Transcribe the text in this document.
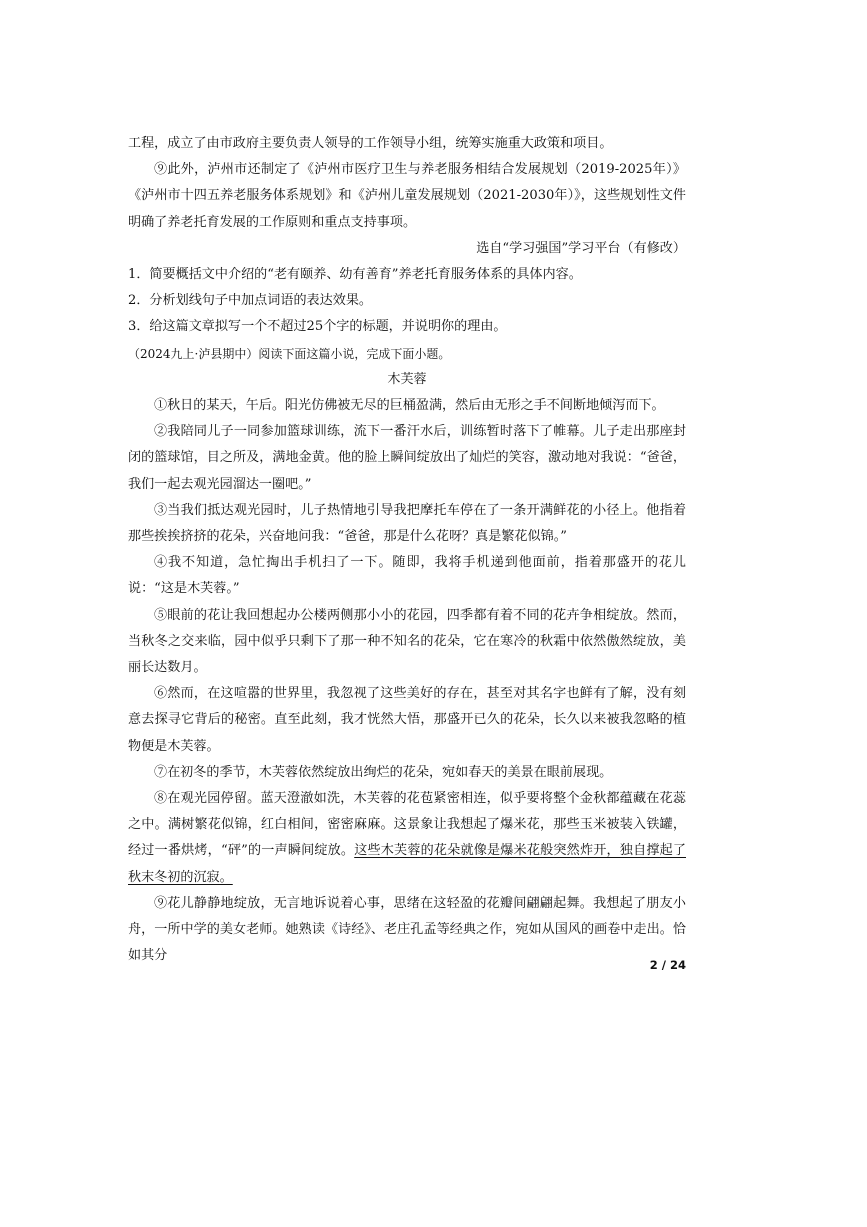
工程，成立了由市政府主要负责人领导的工作领导小组，统筹实施重大政策和项目。

⑨此外，泸州市还制定了《泸州市医疗卫生与养老服务相结合发展规划（2019-2025年）》《泸州市十四五养老服务体系规划》和《泸州儿童发展规划（2021-2030年）》，这些规划性文件明确了养老托育发展的工作原则和重点支持事项。

选自“学习强国”学习平台（有修改）

1．简要概括文中介绍的“老有颐养、幼有善育”养老托育服务体系的具体内容。

2．分析划线句子中加点词语的表达效果。

3．给这篇文章拟写一个不超过25个字的标题，并说明你的理由。

（2024九上·泸县期中）阅读下面这篇小说，完成下面小题。

木芙蓉

①秋日的某天，午后。阳光仿佛被无尽的巨桶盈满，然后由无形之手不间断地倾泻而下。

②我陪同儿子一同参加篮球训练，流下一番汗水后，训练暂时落下了帷幕。儿子走出那座封闭的篮球馆，目之所及，满地金黄。他的脸上瞬间绽放出了灿烂的笑容，激动地对我说：“爸爸，我们一起去观光园溜达一圈吧。”

③当我们抵达观光园时，儿子热情地引导我把摩托车停在了一条开满鲜花的小径上。他指着那些挨挨挤挤的花朵，兴奋地问我：“爸爸，那是什么花呀？真是繁花似锦。”

④我不知道，急忙掏出手机扫了一下。随即，我将手机递到他面前，指着那盛开的花儿说：“这是木芙蓉。”

⑤眼前的花让我回想起办公楼两侧那小小的花园，四季都有着不同的花卉争相绽放。然而，当秋冬之交来临，园中似乎只剩下了那一种不知名的花朵，它在寒冷的秋霜中依然傲然绽放，美丽长达数月。

⑥然而，在这喧嚣的世界里，我忽视了这些美好的存在，甚至对其名字也鲜有了解，没有刻意去探寻它背后的秘密。直至此刻，我才恍然大悟，那盛开已久的花朵，长久以来被我忽略的植物便是木芙蓉。

⑦在初冬的季节，木芙蓉依然绽放出绚烂的花朵，宛如春天的美景在眼前展现。

⑧在观光园停留。蓝天澄澈如洗，木芙蓉的花苞紧密相连，似乎要将整个金秋都蕴藏在花蕊之中。满树繁花似锦，红白相间，密密麻麻。这景象让我想起了爆米花，那些玉米被装入铁罐，经过一番烘烤，“砰”的一声瞬间绽放。这些木芙蓉的花朵就像是爆米花般突然炸开，独自撑起了秋末冬初的沉寂。

⑨花儿静静地绽放，无言地诉说着心事，思绪在这轻盈的花瓣间翩翩起舞。我想起了朋友小舟，一所中学的美女老师。她熟读《诗经》、老庄孔孟等经典之作，宛如从国风的画卷中走出。恰如其分

2 / 24
